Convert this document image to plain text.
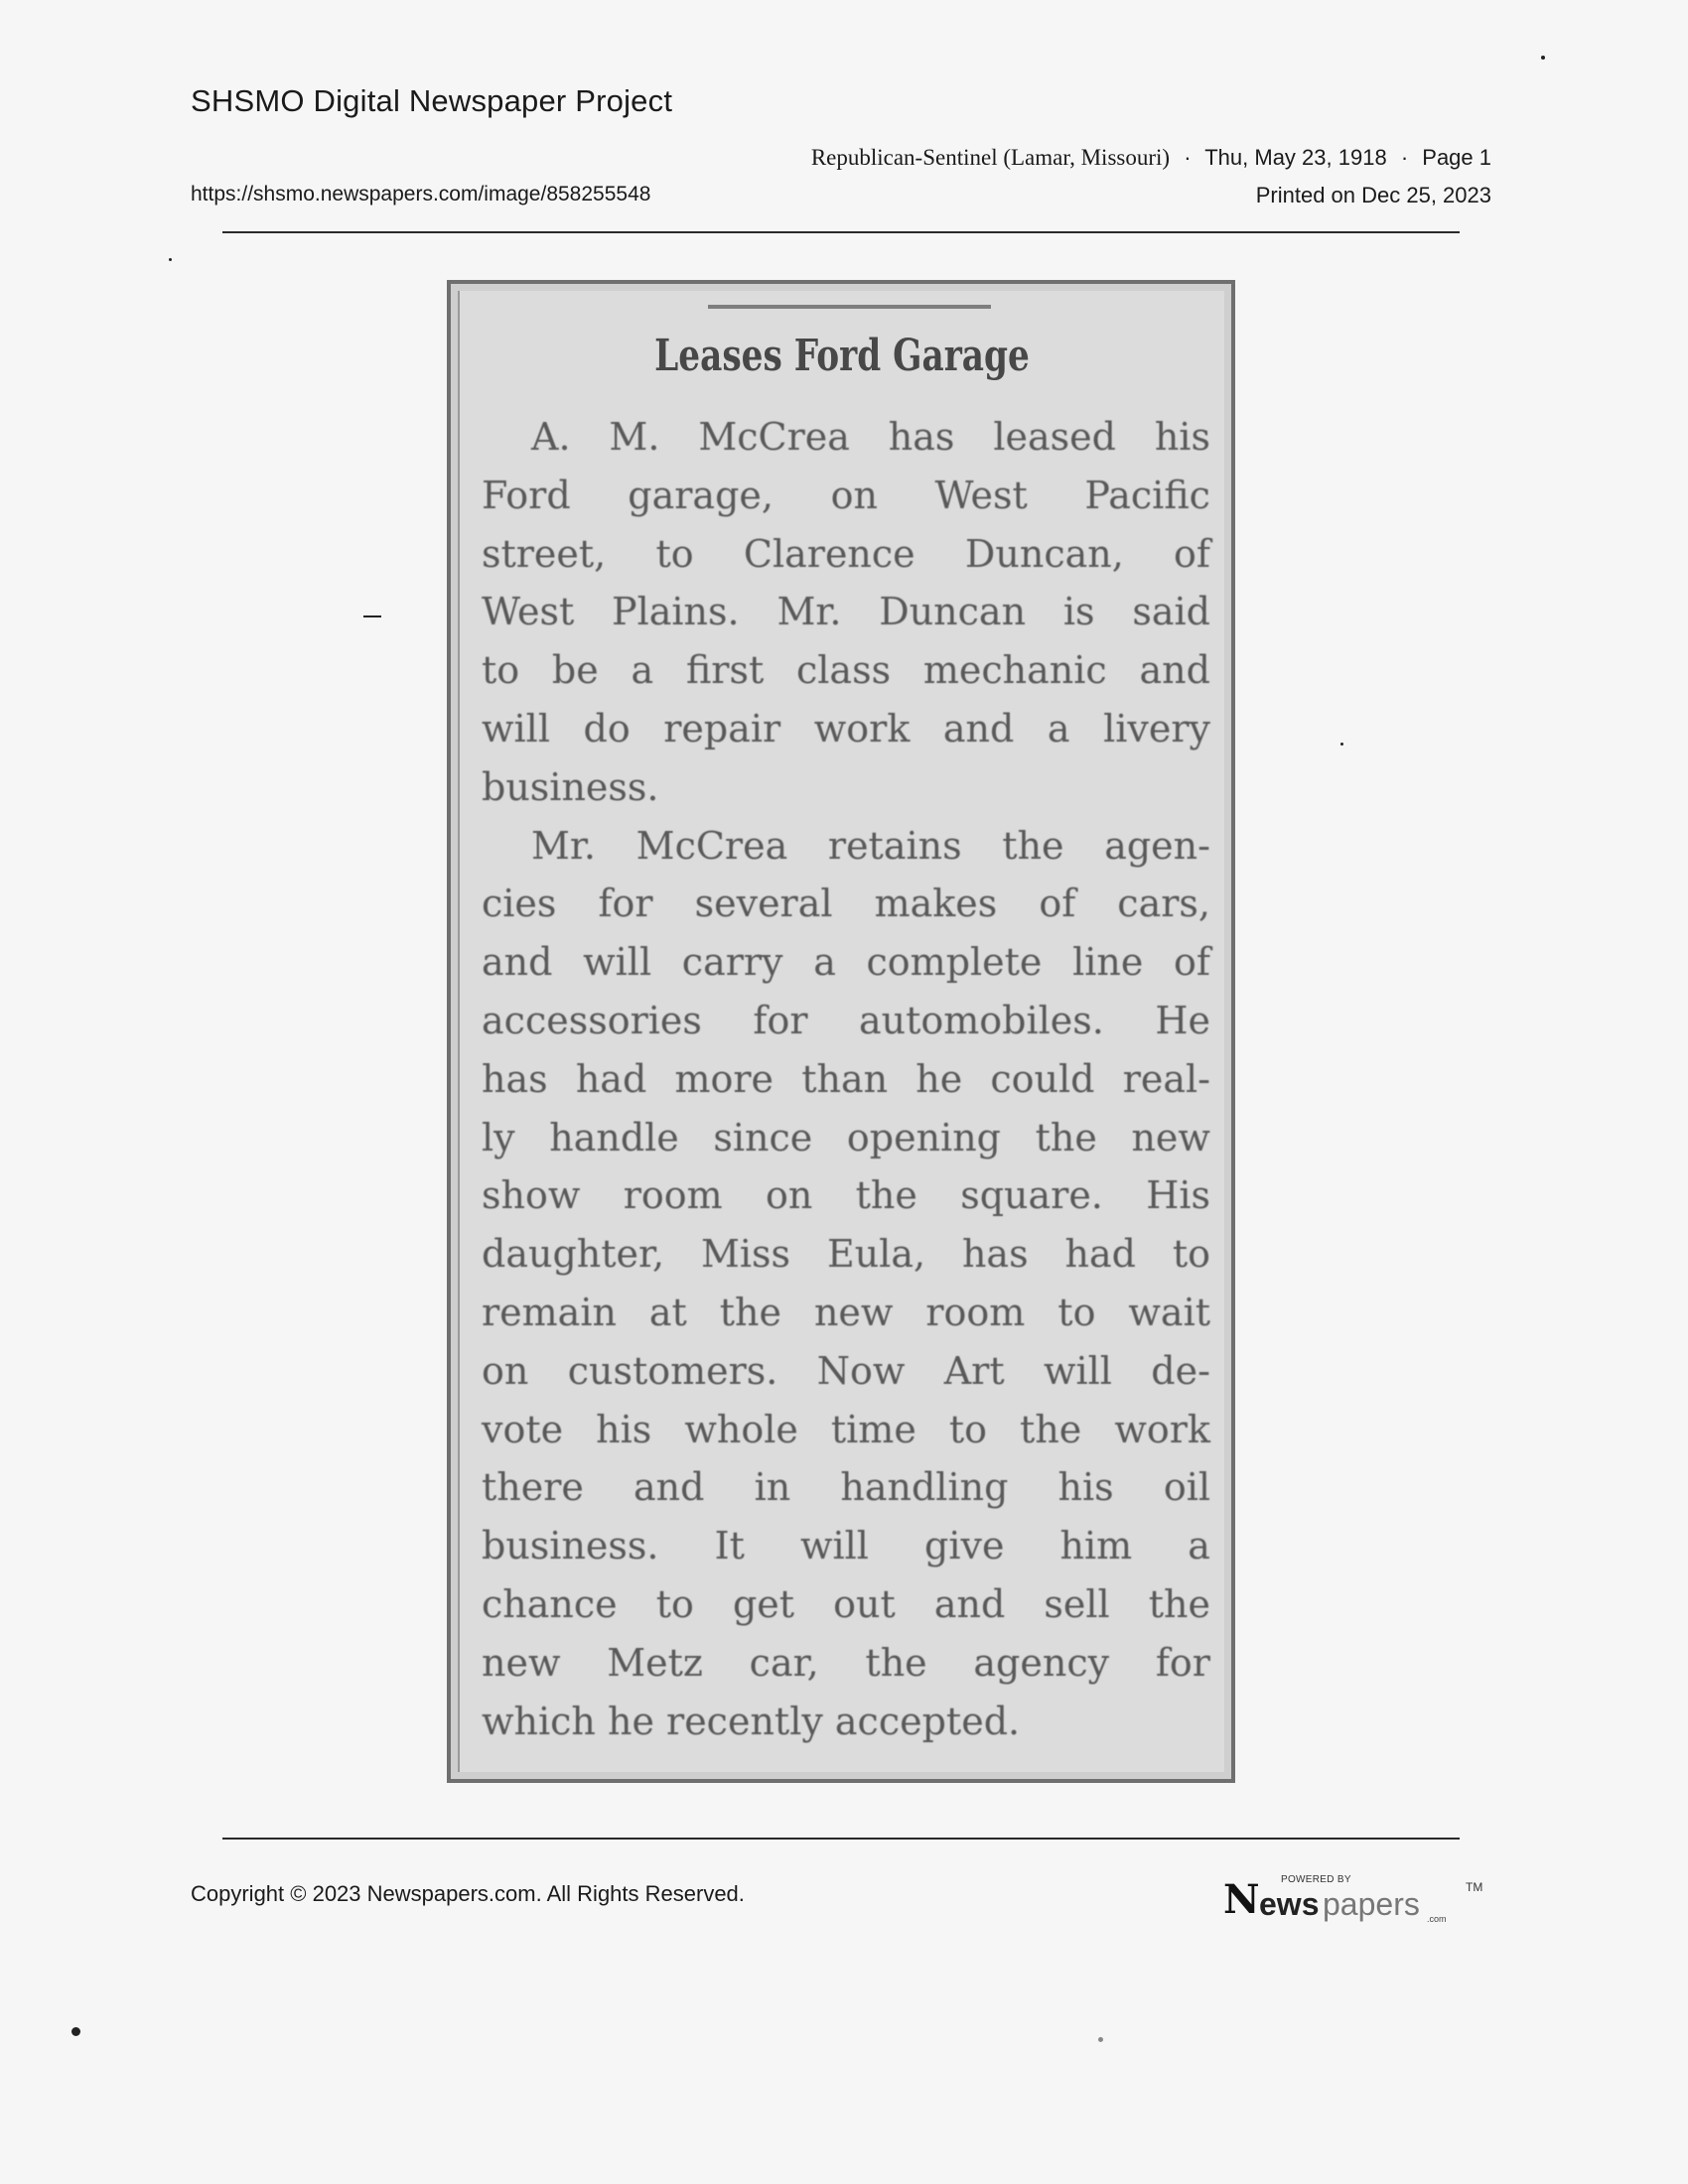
SHSMO Digital Newspaper Project
Republican-Sentinel (Lamar, Missouri) · Thu, May 23, 1918 · Page 1
https://shsmo.newspapers.com/image/858255548	Printed on Dec 25, 2023
Leases Ford Garage
A. M. McCrea has leased his
Ford garage, on West Pacific
street, to Clarence Duncan, of
West Plains. Mr. Duncan is said
to be a first class mechanic and
will do repair work and a livery
business.
Mr. McCrea retains the agen-
cies for several makes of cars,
and will carry a complete line of
accessories for automobiles. He
has had more than he could real-
ly handle since opening the new
show room on the square. His
daughter, Miss Eula, has had to
remain at the new room to wait
on customers. Now Art will de-
vote his whole time to the work
there and in handling his oil
business. It will give him a
chance to get out and sell the
new Metz car, the agency for
which he recently accepted.
Copyright © 2023 Newspapers.com. All Rights Reserved.
POWERED BY
N ews papers	TM
.com
